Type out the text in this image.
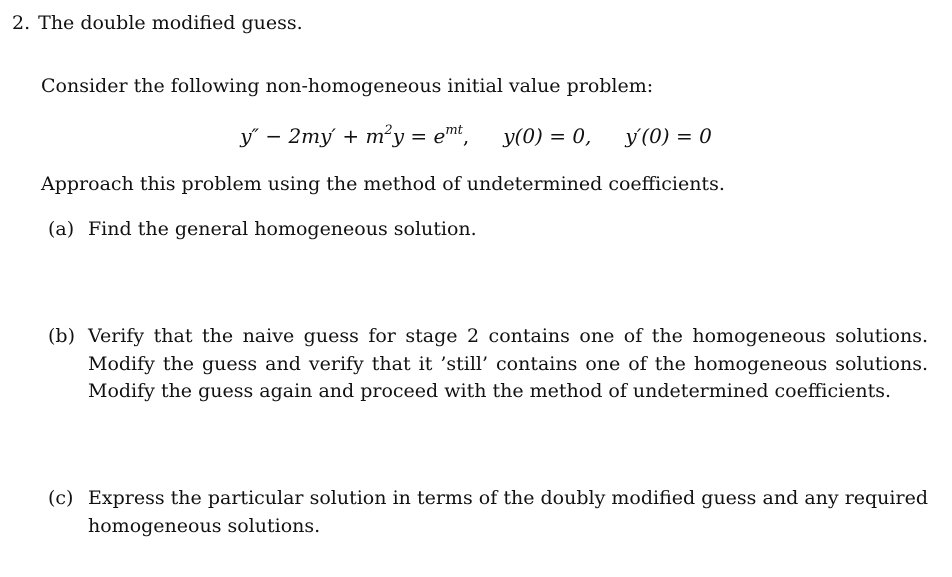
2. The double modified guess.
Consider the following non-homogeneous initial value problem:
$y'' - 2my' + m^2y = e^{mt}$, y(0) = 0, y′(0) = 0
Approach this problem using the method of undetermined coefficients.
(a) Find the general homogeneous solution.
(b) Verify that the naive guess for stage 2 contains one of the homogeneous solutions. Modify the guess and verify that it ’still’ contains one of the homogeneous solutions. Modify the guess again and proceed with the method of undetermined coefficients.
(c) Express the particular solution in terms of the doubly modified guess and any required homogeneous solutions.
